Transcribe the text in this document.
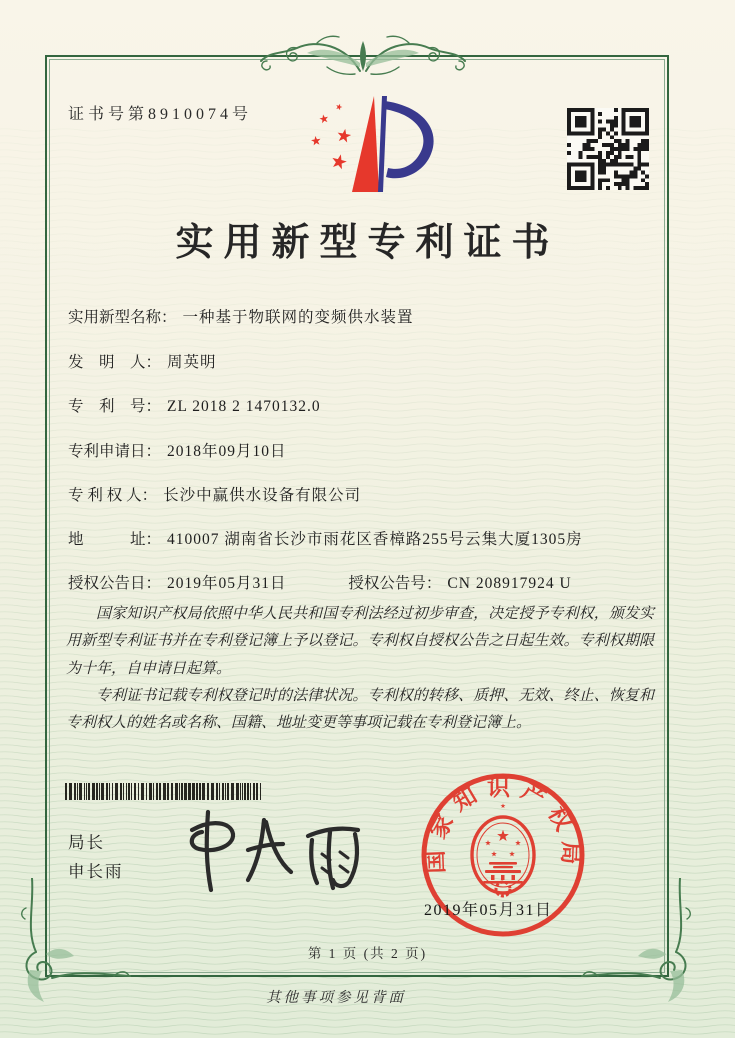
证书号第8910074号
实用新型专利证书
实用新型名称： 一种基于物联网的变频供水装置
发　明　人： 周英明
专　利　号： ZL 2018 2 1470132.0
专利申请日： 2018年09月10日
专 利 权 人： 长沙中赢供水设备有限公司
地　　　址： 410007 湖南省长沙市雨花区香樟路255号云集大厦1305房
授权公告日： 2019年05月31日	授权公告号： CN 208917924 U

国家知识产权局依照中华人民共和国专利法经过初步审查，决定授予专利权，颁发实用新型专利证书并在专利登记簿上予以登记。专利权自授权公告之日起生效。专利权期限为十年，自申请日起算。

专利证书记载专利权登记时的法律状况。专利权的转移、质押、无效、终止、恢复和专利权人的姓名或名称、国籍、地址变更等事项记载在专利登记簿上。

局长
申长雨	国家知识产权局
2019年05月31日
第 1 页 (共 2 页)
其他事项参见背面
